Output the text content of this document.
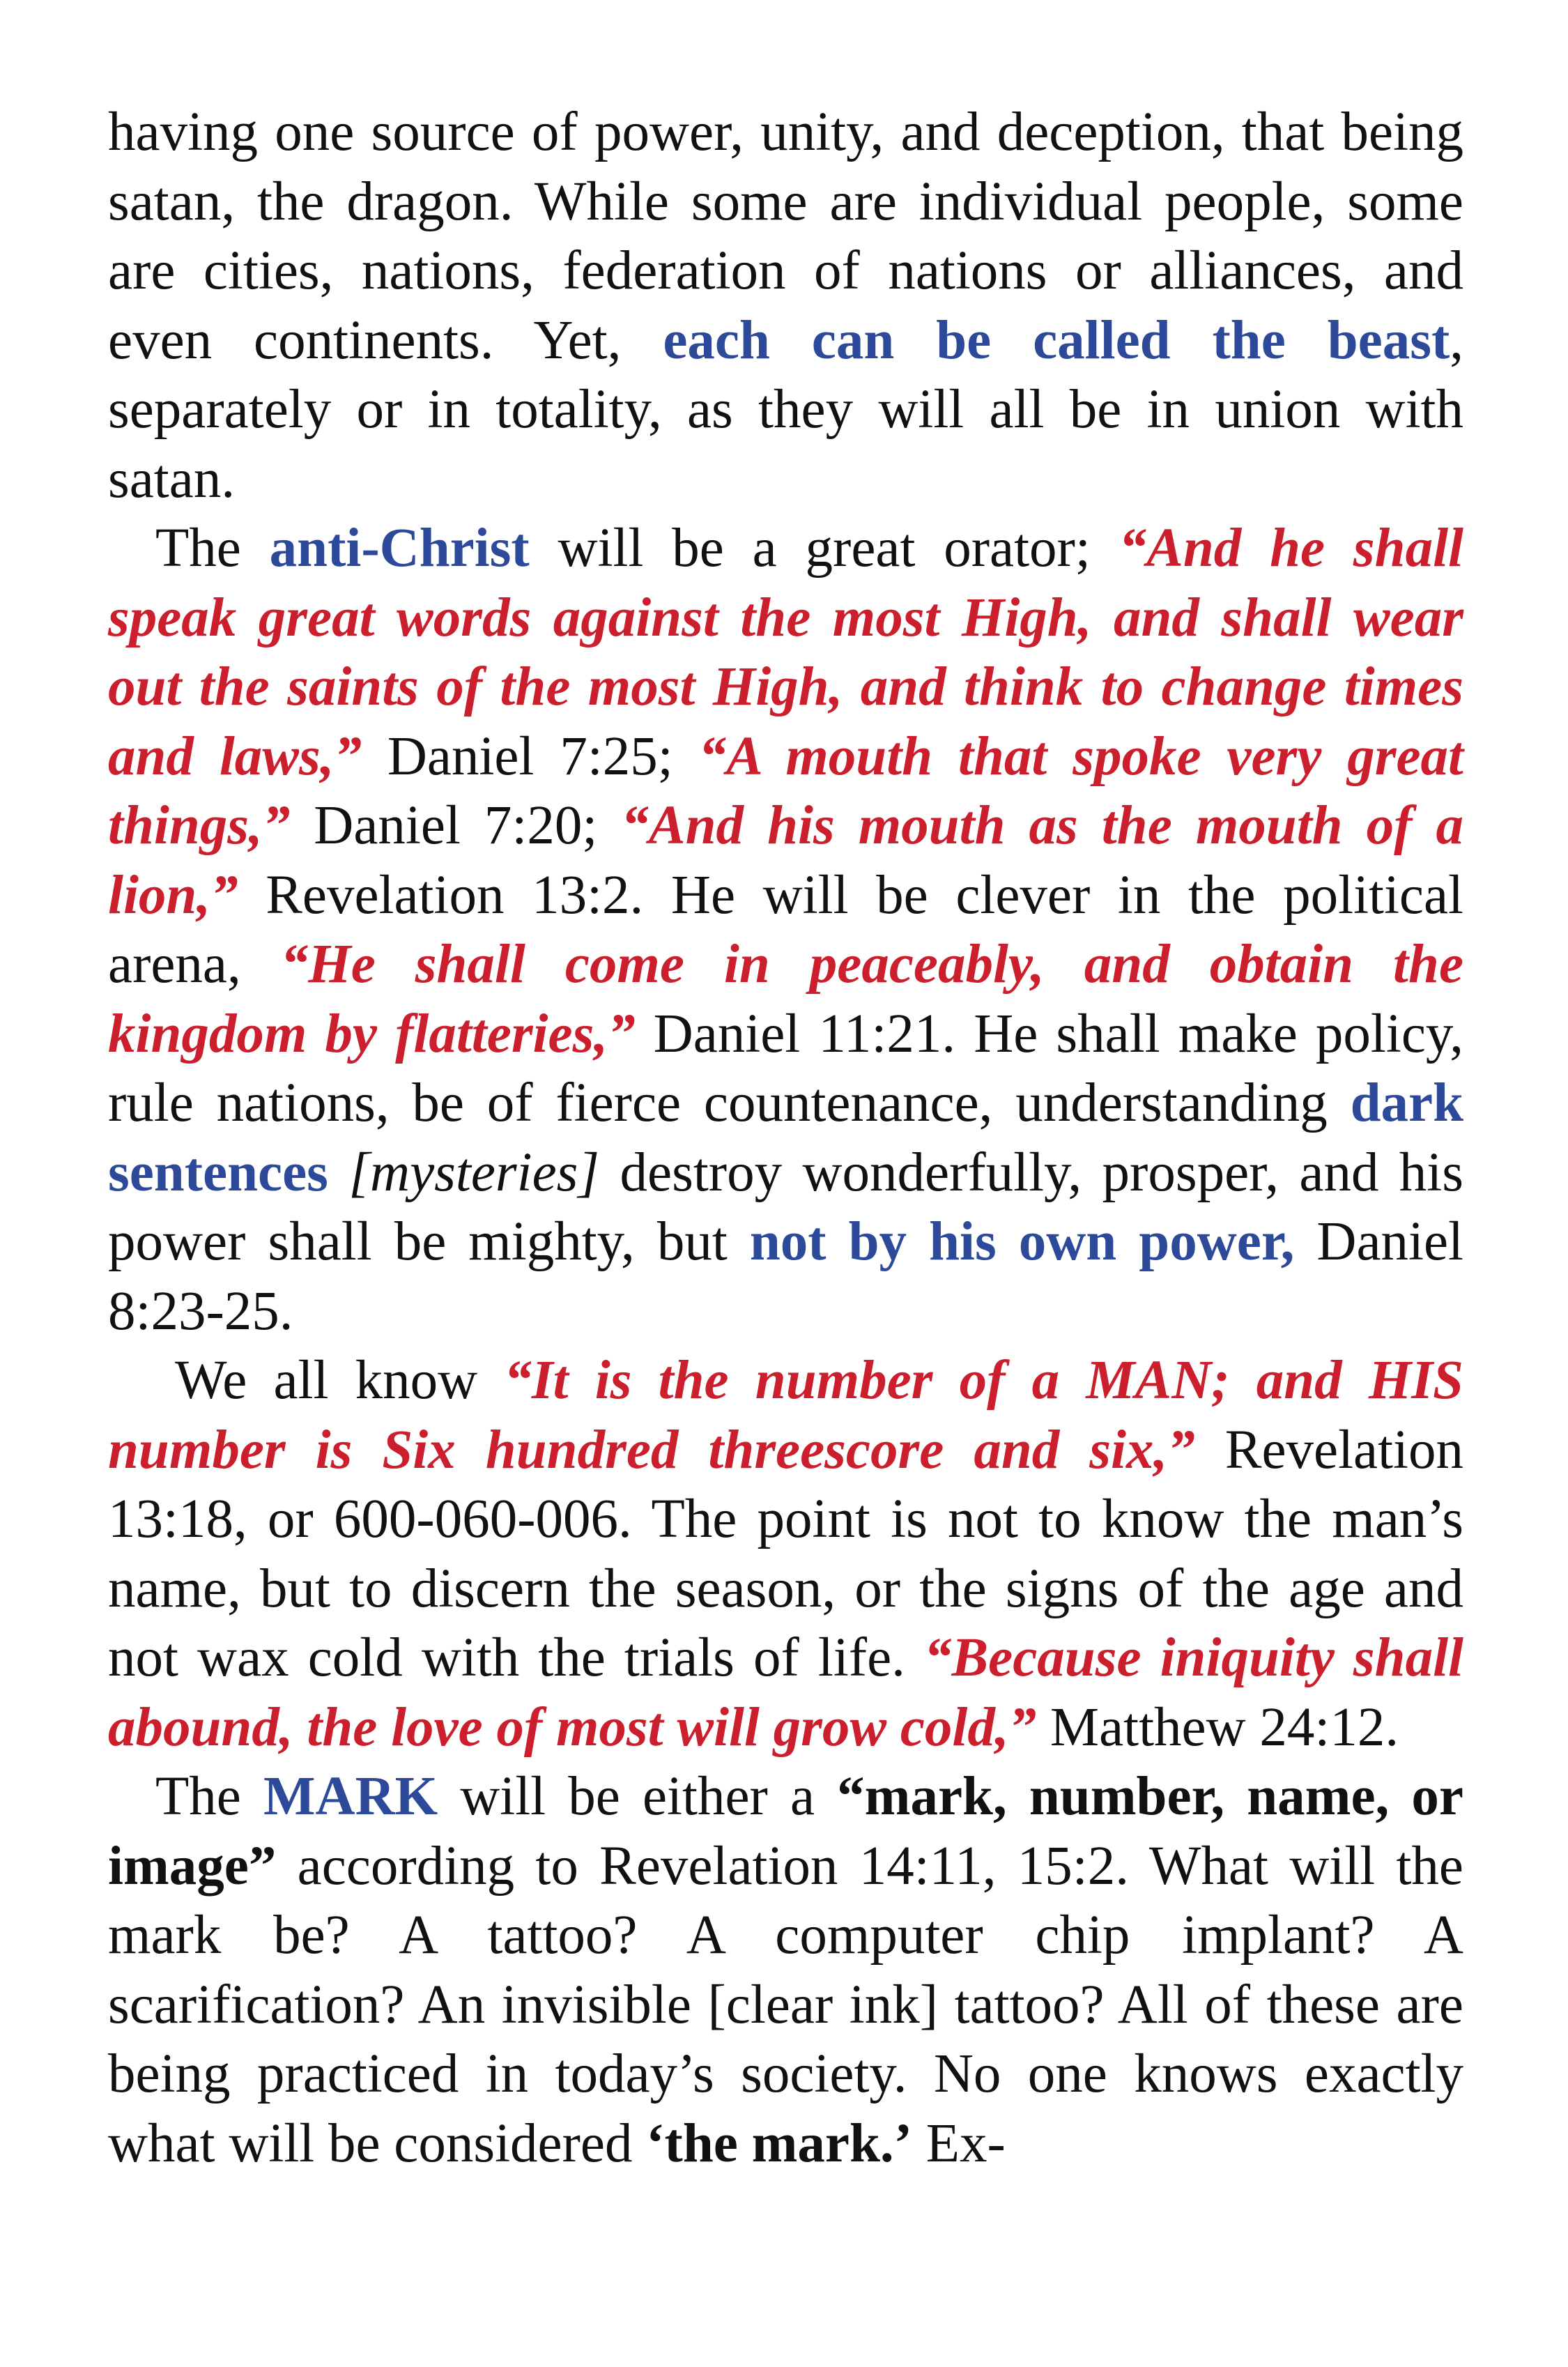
having one source of power, unity, and deception, that being satan, the dragon. While some are individual people, some are cities, nations, federation of nations or alliances, and even continents. Yet, each can be called the beast, separately or in totality, as they will all be in union with satan.

The anti-Christ will be a great orator; “And he shall speak great words against the most High, and shall wear out the saints of the most High, and think to change times and laws,” Daniel 7:25; “A mouth that spoke very great things,” Daniel 7:20; “And his mouth as the mouth of a lion,” Revelation 13:2. He will be clever in the political arena, “He shall come in peaceably, and obtain the kingdom by flatteries,” Daniel 11:21. He shall make policy, rule nations, be of fierce countenance, understanding dark sentences [mysteries] destroy wonderfully, prosper, and his power shall be mighty, but not by his own power, Daniel 8:23-25.

We all know “It is the number of a MAN; and HIS number is Six hundred threescore and six,” Revelation 13:18, or 600-060-006. The point is not to know the man’s name, but to discern the season, or the signs of the age and not wax cold with the trials of life. “Because iniquity shall abound, the love of most will grow cold,” Matthew 24:12.

The MARK will be either a “mark, number, name, or image” according to Revelation 14:11, 15:2. What will the mark be? A tattoo? A computer chip implant? A scarification? An invisible [clear ink] tattoo? All of these are being practiced in today’s society. No one knows exactly what will be considered ‘the mark.’ Ex-
